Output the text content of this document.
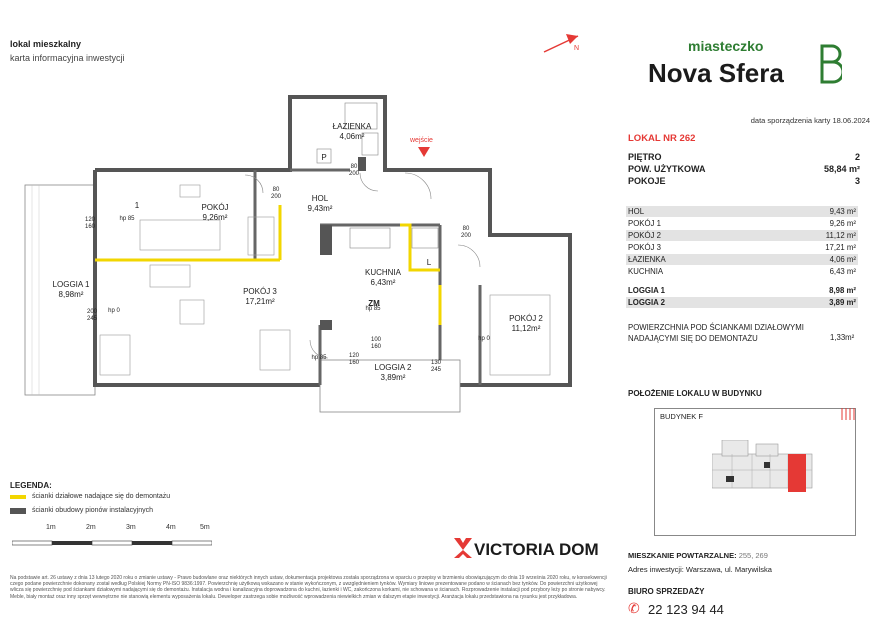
lokal mieszkalny
karta informacyjna inwestycji
N	miasteczko
Nova Sfera
data sporządzenia karty 18.06.2024
LOKAL NR 262
PIĘTRO	2
POW. UŻYTKOWA	58,84 m²
POKOJE	3
HOL	9,43 m²
POKÓJ 1	9,26 m²
POKÓJ 2	11,12 m²
POKÓJ 3	17,21 m²
ŁAZIENKA	4,06 m²
KUCHNIA	6,43 m²
LOGGIA 1	8,98 m²
LOGGIA 2	3,89 m²
POWIERZCHNIA POD ŚCIANKAMI DZIAŁOWYMI NADAJĄCYMI SIĘ DO DEMONTAŻU	1,33m²
POŁOŻENIE LOKALU W BUDYNKU
BUDYNEK F
MIESZKANIE POWTARZALNE: 255, 269
Adres inwestycji: Warszawa, ul. Marywilska
BIURO SPRZEDAŻY
✆ 22 123 94 44
LEGENDA:
ścianki działowe nadające się do demontażu
ścianki obudowy pionów instalacyjnych
1m	2m	3m	4m	5m
VICTORIA DOM
Na podstawie art. 26 ustawy z dnia 13 lutego 2020 roku o zmianie ustawy - Prawo budowlane oraz niektórych innych ustaw, dokumentacja projektowa została sporządzona w oparciu o przepisy w brzmieniu obowiązującym do dnia 19 września 2020 roku, w konsekwencji czego podane powierzchnie dokonany został według Polskiej Normy PN-ISO 9836:1997. Powierzchnię użytkową wskazano w stanie wykończonym, z uwzględnieniem tynków. Wymiary liniowe prezentowane podano w ścianach bez tynków. Do powierzchni użytkowej wlicza się powierzchnię pod ściankami działowymi nadającymi się do demontażu. Instalacja wodna i kanalizacyjna doprowadzona do kuchni, łazienki i WC, zakończona korkami, nie schowana w ścianach. Rozprowadzenie instalacji pod przybory leży po stronie nabywcy. Meble, biały montaż oraz inny sprzęt wewnętrzne nie stanowią elementu wyposażenia lokalu. Deweloper zastrzega sobie możliwość wprowadzenia niewielkich zmian w dalszym etapie inwestycji. Aranżacja lokalu przedstawiona na rysunku jest przykładowa.
wejście
ŁAZIENKA
4,06m²
HOL
9,43m²
POKÓJ
9,26m²
POKÓJ 3
17,21m²
KUCHNIA
6,43m²
POKÓJ 2
11,12m²
LOGGIA 1
8,98m²
LOGGIA 2
3,89m²
ZM
P
L
1
80
200
80
200
80
200
120
160
120
160
200
245
130
245
hp 85
hp 85
hp 85
hp 0
hp 0
100
160
